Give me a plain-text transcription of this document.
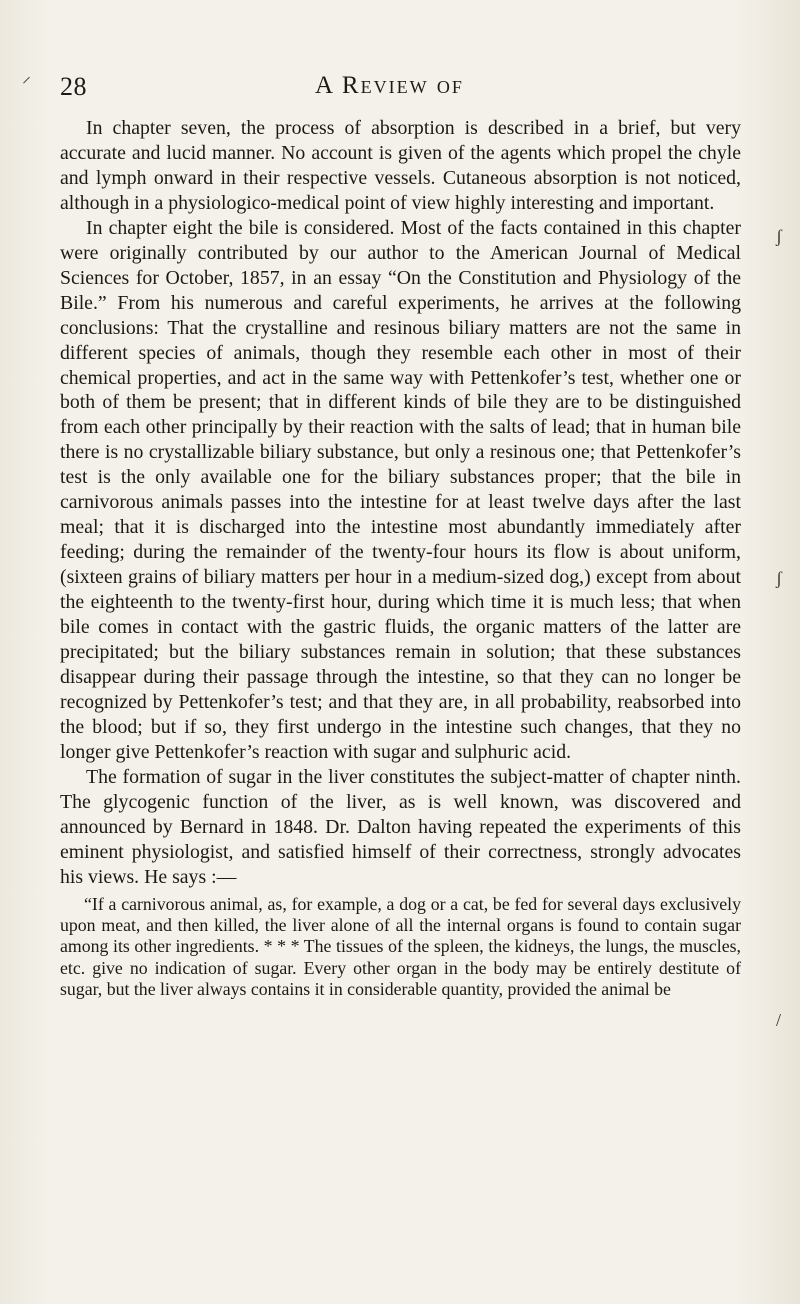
28	A Review of

In chapter seven, the process of absorption is described in a brief, but very accurate and lucid manner. No account is given of the agents which propel the chyle and lymph onward in their respective vessels. Cutaneous absorption is not noticed, although in a physiologico-medical point of view highly interesting and important.

In chapter eight the bile is considered. Most of the facts contained in this chapter were originally contributed by our author to the American Journal of Medical Sciences for October, 1857, in an essay “On the Constitution and Physiology of the Bile.” From his numerous and careful experiments, he arrives at the following conclusions: That the crystalline and resinous biliary matters are not the same in different species of animals, though they resemble each other in most of their chemical properties, and act in the same way with Pettenkofer’s test, whether one or both of them be present; that in different kinds of bile they are to be distinguished from each other principally by their reaction with the salts of lead; that in human bile there is no crystallizable biliary substance, but only a resinous one; that Pettenkofer’s test is the only available one for the biliary substances proper; that the bile in carnivorous animals passes into the intestine for at least twelve days after the last meal; that it is discharged into the intestine most abundantly immediately after feeding; during the remainder of the twenty-four hours its flow is about uniform, (sixteen grains of biliary matters per hour in a medium-sized dog,) except from about the eighteenth to the twenty-first hour, during which time it is much less; that when bile comes in contact with the gastric fluids, the organic matters of the latter are precipitated; but the biliary substances remain in solution; that these substances disappear during their passage through the intestine, so that they can no longer be recognized by Pettenkofer’s test; and that they are, in all probability, reabsorbed into the blood; but if so, they first undergo in the intestine such changes, that they no longer give Pettenkofer’s reaction with sugar and sulphuric acid.

The formation of sugar in the liver constitutes the subject-matter of chapter ninth. The glycogenic function of the liver, as is well known, was discovered and announced by Bernard in 1848. Dr. Dalton having repeated the experiments of this eminent physiologist, and satisfied himself of their correctness, strongly advocates his views. He says :—

“If a carnivorous animal, as, for example, a dog or a cat, be fed for several days exclusively upon meat, and then killed, the liver alone of all the internal organs is found to contain sugar among its other ingredients. * * * The tissues of the spleen, the kidneys, the lungs, the muscles, etc. give no indication of sugar. Every other organ in the body may be entirely destitute of sugar, but the liver always contains it in considerable quantity, provided the animal be

⸝
ʃ
ʃ
/
